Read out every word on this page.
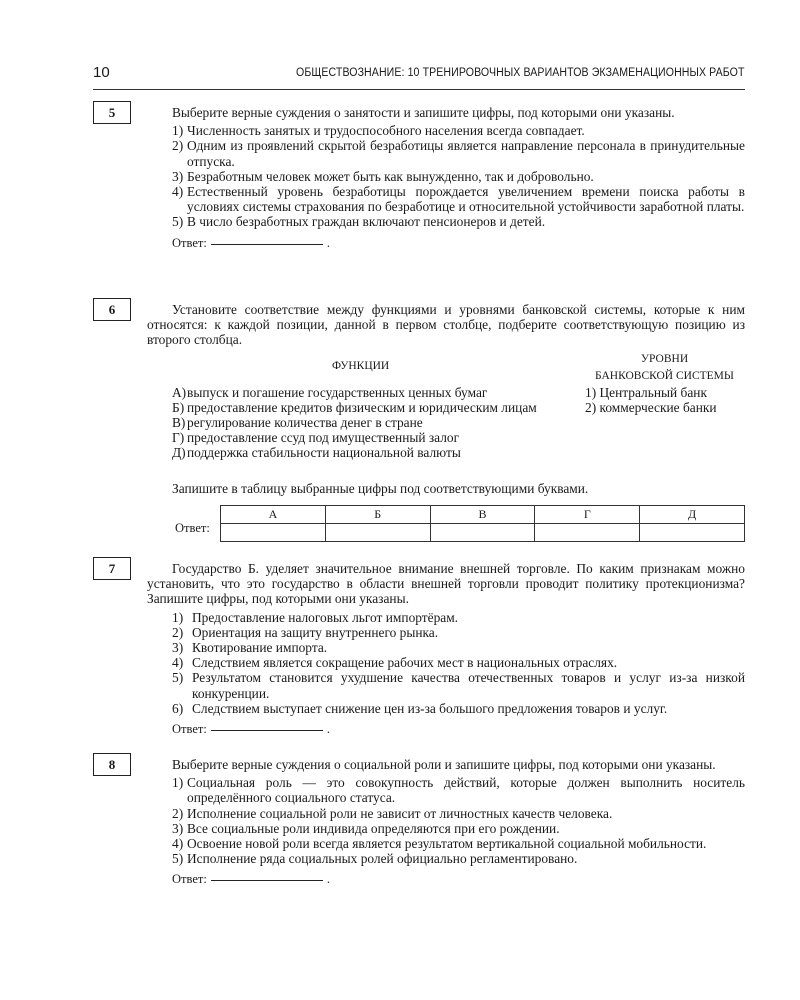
10	ОБЩЕСТВОЗНАНИЕ: 10 ТРЕНИРОВОЧНЫХ ВАРИАНТОВ ЭКЗАМЕНАЦИОННЫХ РАБОТ
5	Выберите верные суждения о занятости и запишите цифры, под которыми они указаны.

1) Численность занятых и трудоспособного населения всегда совпадает.
2) Одним из проявлений скрытой безработицы является направление персонала в принудительные отпуска.
3) Безработным человек может быть как вынужденно, так и добровольно.
4) Естественный уровень безработицы порождается увеличением времени поиска работы в условиях системы страхования по безработице и относительной устойчивости заработной платы.
5) В число безработных граждан включают пенсионеров и детей.
Ответ:	.
6	Установите соответствие между функциями и уровнями банковской системы, которые к ним относятся: к каждой позиции, данной в первом столбце, подберите соответствующую позицию из второго столбца.

ФУНКЦИИ
УРОВНИ
БАНКОВСКОЙ СИСТЕМЫ
А) выпуск и погашение государственных ценных бумаг
Б) предоставление кредитов физическим и юридическим лицам
В) регулирование количества денег в стране
Г) предоставление ссуд под имущественный залог
Д) поддержка стабильности национальной валюты
1) Центральный банк
2) коммерческие банки

Запишите в таблицу выбранные цифры под соответствующими буквами.

Ответ:
А	Б	В	Г	Д

7	Государство Б. уделяет значительное внимание внешней торговле. По каким признакам можно установить, что это государство в области внешней торговли проводит политику протекционизма? Запишите цифры, под которыми они указаны.

1) Предоставление налоговых льгот импортёрам.
2) Ориентация на защиту внутреннего рынка.
3) Квотирование импорта.
4) Следствием является сокращение рабочих мест в национальных отраслях.
5) Результатом становится ухудшение качества отечественных товаров и услуг из-за низкой конкуренции.
6) Следствием выступает снижение цен из-за большого предложения товаров и услуг.
Ответ:	.
8	Выберите верные суждения о социальной роли и запишите цифры, под которыми они указаны.

1) Социальная роль — это совокупность действий, которые должен выполнить носитель определённого социального статуса.
2) Исполнение социальной роли не зависит от личностных качеств человека.
3) Все социальные роли индивида определяются при его рождении.
4) Освоение новой роли всегда является результатом вертикальной социальной мобильности.
5) Исполнение ряда социальных ролей официально регламентировано.
Ответ:	.
